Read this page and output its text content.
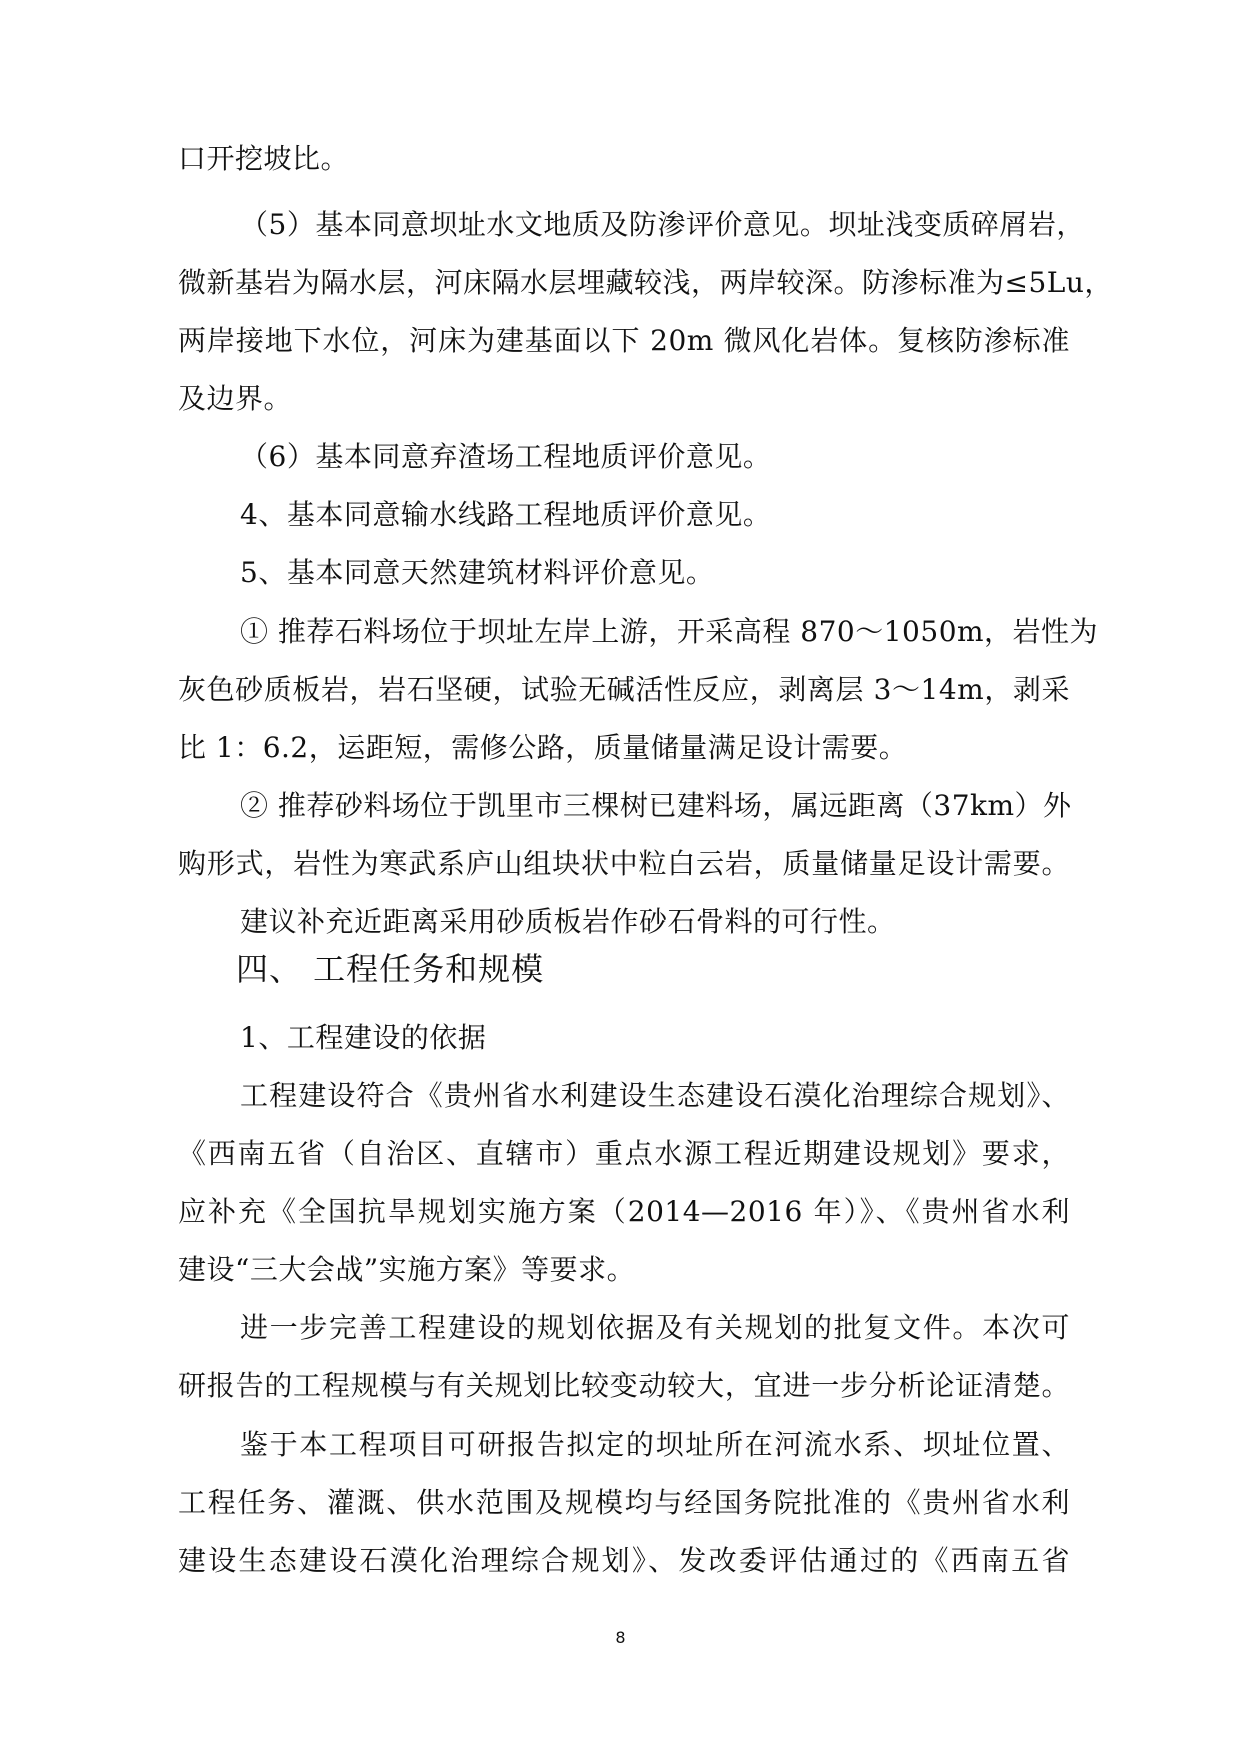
口开挖坡比。
（5）基本同意坝址水文地质及防渗评价意见。坝址浅变质碎屑岩，
微新基岩为隔水层，河床隔水层埋藏较浅，两岸较深。防渗标准为≤5Lu，
两岸接地下水位，河床为建基面以下 20m 微风化岩体。复核防渗标准
及边界。
（6）基本同意弃渣场工程地质评价意见。
4、基本同意输水线路工程地质评价意见。
5、基本同意天然建筑材料评价意见。
① 推荐石料场位于坝址左岸上游，开采高程 870～1050m，岩性为
灰色砂质板岩，岩石坚硬，试验无碱活性反应，剥离层 3～14m，剥采
比 1：6.2，运距短，需修公路，质量储量满足设计需要。
② 推荐砂料场位于凯里市三棵树已建料场，属远距离（37km）外
购形式，岩性为寒武系庐山组块状中粒白云岩，质量储量足设计需要。
建议补充近距离采用砂质板岩作砂石骨料的可行性。
四、 工程任务和规模
1、工程建设的依据
工程建设符合《贵州省水利建设生态建设石漠化治理综合规划》、
《西南五省（自治区、直辖市）重点水源工程近期建设规划》要求，
应补充《全国抗旱规划实施方案（2014—2016 年）》、《贵州省水利
建设“三大会战”实施方案》等要求。
进一步完善工程建设的规划依据及有关规划的批复文件。本次可
研报告的工程规模与有关规划比较变动较大，宜进一步分析论证清楚。
鉴于本工程项目可研报告拟定的坝址所在河流水系、坝址位置、
工程任务、灌溉、供水范围及规模均与经国务院批准的《贵州省水利
建设生态建设石漠化治理综合规划》、发改委评估通过的《西南五省
8
